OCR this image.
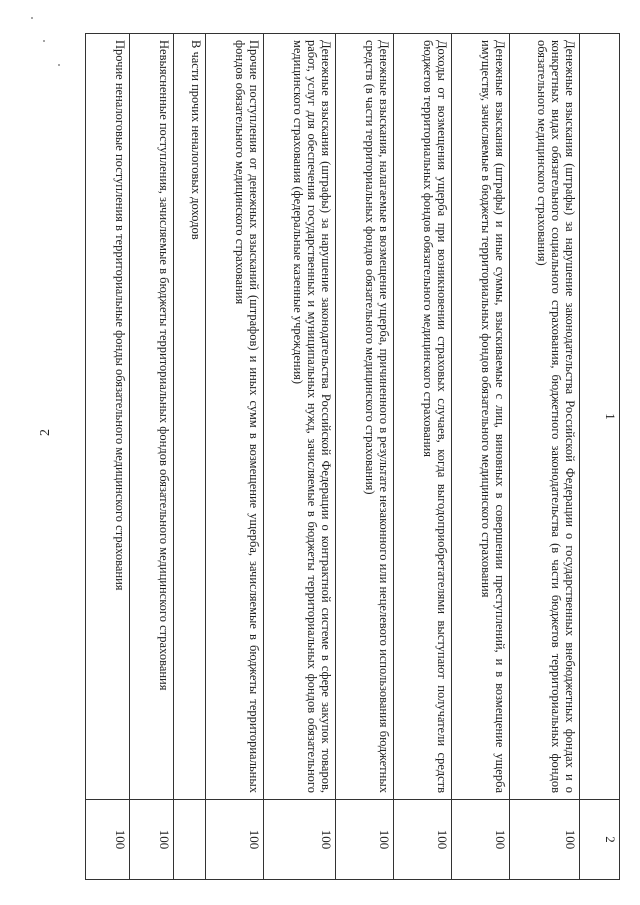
2
1	2
Денежные взыскания (штрафы) за нарушение законодательства Российской Федерации о государственных внебюджетных фондах и о конкретных видах обязательного социального страхования, бюджетного законодательства (в части бюджетов территориальных фондов обязательного медицинского страхования)	100
Денежные взыскания (штрафы) и иные суммы, взыскиваемые с лиц, виновных в совершении преступлений, и в возмещение ущерба имуществу, зачисляемые в бюджеты территориальных фондов обязательного медицинского страхования	100
Доходы от возмещения ущерба при возникновении страховых случаев, когда выгодоприобретателями выступают получатели средств бюджетов территориальных фондов обязательного медицинского страхования	100
Денежные взыскания, налагаемые в возмещение ущерба, причиненного в результате незаконного или нецелевого использования бюджетных средств (в части территориальных фондов обязательного медицинского страхования)	100
Денежные взыскания (штрафы) за нарушение законодательства Российской Федерации о контрактной системе в сфере закупок товаров, работ, услуг для обеспечения государственных и муниципальных нужд, зачисляемые в бюджеты территориальных фондов обязательного медицинского страхования (федеральные казенные учреждения)	100
Прочие поступления от денежных взысканий (штрафов) и иных сумм в возмещение ущерба, зачисляемые в бюджеты территориальных фондов обязательного медицинского страхования	100
В части прочих неналоговых доходов	
Невыясненные поступления, зачисляемые в бюджеты территориальных фондов обязательного медицинского страхования	100
Прочие неналоговые поступления в территориальные фонды обязательного медицинского страхования	100
